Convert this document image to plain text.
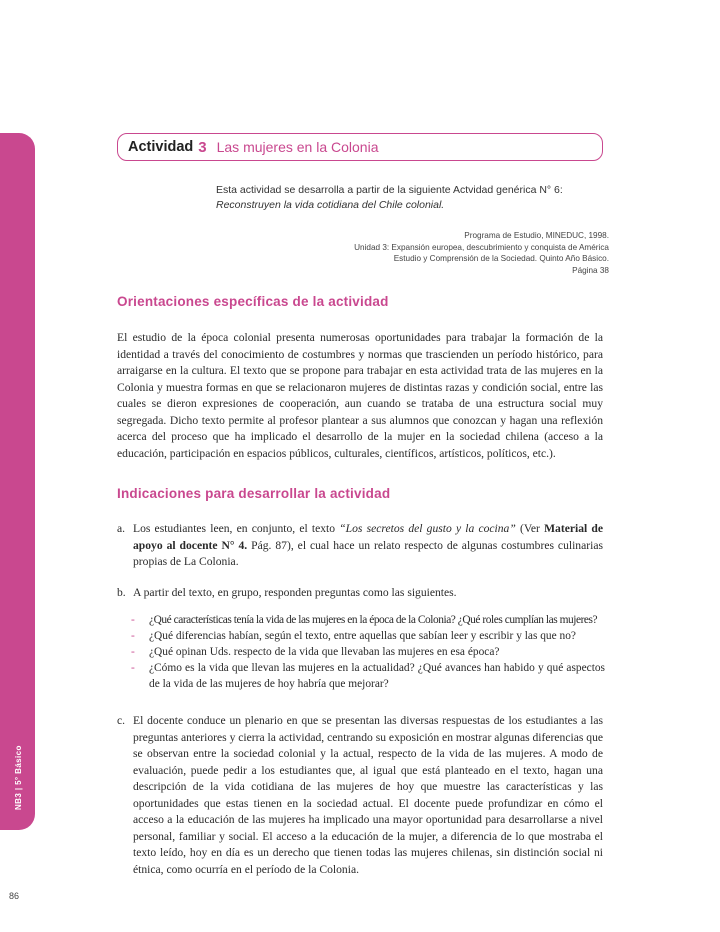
NB3 | 5° Básico
Actividad 3 Las mujeres en la Colonia
Esta actividad se desarrolla a partir de la siguiente Actvidad genérica N° 6:
Reconstruyen la vida cotidiana del Chile colonial.
Programa de Estudio, MINEDUC, 1998.
Unidad 3: Expansión europea, descubrimiento y conquista de América
Estudio y Comprensión de la Sociedad. Quinto Año Básico.
Página 38
Orientaciones específicas de la actividad
El estudio de la época colonial presenta numerosas oportunidades para trabajar la formación de la identidad a través del conocimiento de costumbres y normas que trascienden un período histórico, para arraigarse en la cultura. El texto que se propone para trabajar en esta actividad trata de las mujeres en la Colonia y muestra formas en que se relacionaron mujeres de distintas razas y condición social, entre las cuales se dieron expresiones de cooperación, aun cuando se trataba de una estructura social muy segregada. Dicho texto permite al profesor plantear a sus alumnos que conozcan y hagan una reflexión acerca del proceso que ha implicado el desarrollo de la mujer en la sociedad chilena (acceso a la educación, participación en espacios públicos, culturales, científicos, artísticos, políticos, etc.).
Indicaciones para desarrollar la actividad
a. Los estudiantes leen, en conjunto, el texto “Los secretos del gusto y la cocina” (Ver Material de apoyo al docente N° 4. Pág. 87), el cual hace un relato respecto de algunas costumbres culinarias propias de La Colonia.
b. A partir del texto, en grupo, responden preguntas como las siguientes.
- ¿Qué características tenía la vida de las mujeres en la época de la Colonia? ¿Qué roles cumplían las mujeres?
- ¿Qué diferencias habían, según el texto, entre aquellas que sabían leer y escribir y las que no?
- ¿Qué opinan Uds. respecto de la vida que llevaban las mujeres en esa época?
- ¿Cómo es la vida que llevan las mujeres en la actualidad? ¿Qué avances han habido y qué aspectos de la vida de las mujeres de hoy habría que mejorar?
c. El docente conduce un plenario en que se presentan las diversas respuestas de los estudiantes a las preguntas anteriores y cierra la actividad, centrando su exposición en mostrar algunas diferencias que se observan entre la sociedad colonial y la actual, respecto de la vida de las mujeres. A modo de evaluación, puede pedir a los estudiantes que, al igual que está planteado en el texto, hagan una descripción de la vida cotidiana de las mujeres de hoy que muestre las características y las oportunidades que estas tienen en la sociedad actual. El docente puede profundizar en cómo el acceso a la educación de las mujeres ha implicado una mayor oportunidad para desarrollarse a nivel personal, familiar y social. El acceso a la educación de la mujer, a diferencia de lo que mostraba el texto leído, hoy en día es un derecho que tienen todas las mujeres chilenas, sin distinción social ni étnica, como ocurría en el período de la Colonia.
86
